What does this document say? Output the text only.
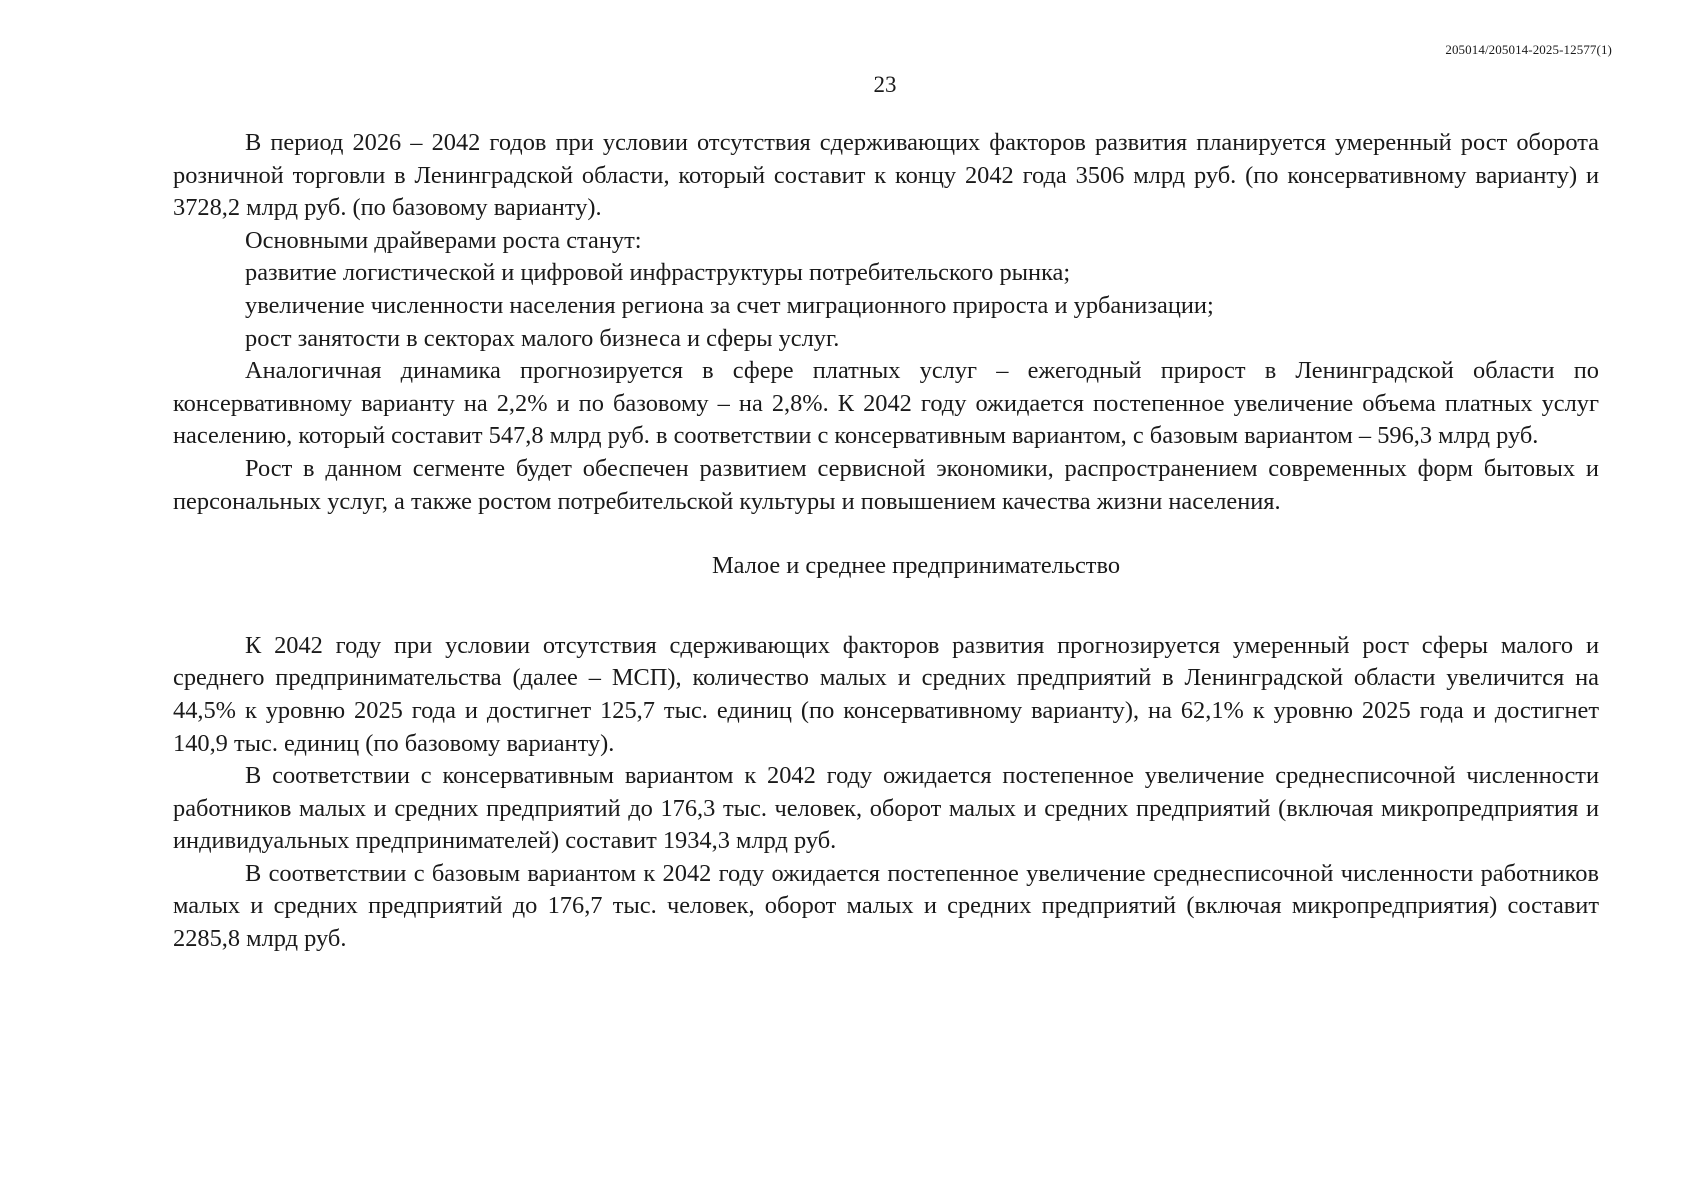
205014/205014-2025-12577(1)
23

В период 2026 – 2042 годов при условии отсутствия сдерживающих факторов развития планируется умеренный рост оборота розничной торговли в Ленинградской области, который составит к концу 2042 года 3506 млрд руб. (по консервативному варианту) и 3728,2 млрд руб. (по базовому варианту).

Основными драйверами роста станут:

развитие логистической и цифровой инфраструктуры потребительского рынка;

увеличение численности населения региона за счет миграционного прироста и урбанизации;

рост занятости в секторах малого бизнеса и сферы услуг.

Аналогичная динамика прогнозируется в сфере платных услуг – ежегодный прирост в Ленинградской области по консервативному варианту на 2,2% и по базовому – на 2,8%. К 2042 году ожидается постепенное увеличение объема платных услуг населению, который составит 547,8 млрд руб. в соответствии с консервативным вариантом, с базовым вариантом – 596,3 млрд руб.

Рост в данном сегменте будет обеспечен развитием сервисной экономики, распространением современных форм бытовых и персональных услуг, а также ростом потребительской культуры и повышением качества жизни населения.

Малое и среднее предпринимательство

К 2042 году при условии отсутствия сдерживающих факторов развития прогнозируется умеренный рост сферы малого и среднего предпринимательства (далее – МСП), количество малых и средних предприятий в Ленинградской области увеличится на 44,5% к уровню 2025 года и достигнет 125,7 тыс. единиц (по консервативному варианту), на 62,1% к уровню 2025 года и достигнет 140,9 тыс. единиц (по базовому варианту).

В соответствии с консервативным вариантом к 2042 году ожидается постепенное увеличение среднесписочной численности работников малых и средних предприятий до 176,3 тыс. человек, оборот малых и средних предприятий (включая микропредприятия и индивидуальных предпринимателей) составит 1934,3 млрд руб.

В соответствии с базовым вариантом к 2042 году ожидается постепенное увеличение среднесписочной численности работников малых и средних предприятий до 176,7 тыс. человек, оборот малых и средних предприятий (включая микропредприятия) составит 2285,8 млрд руб.
